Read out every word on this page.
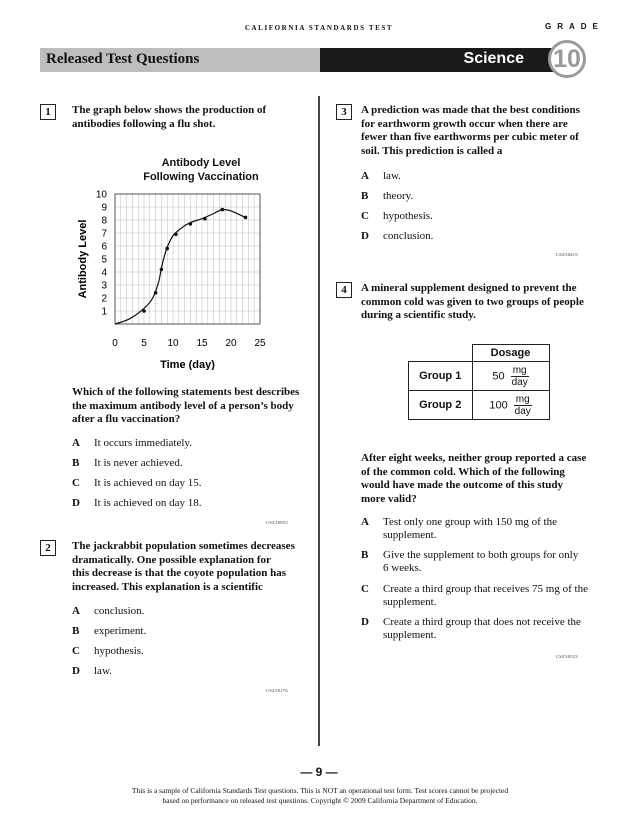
CALIFORNIA STANDARDS TEST	GRADE
Released Test Questions	Science 10
1	The graph below shows the production of
antibodies following a flu shot.
Antibody Level
Following Vaccination
1
2
3
4
5
6
7
8
9
10
0 5 10 15 20 25
Time (day)
Antibody Level
Which of the following statements best describes
the maximum antibody level of a person’s body
after a flu vaccination?
A It occurs immediately.
B It is never achieved.
C It is achieved on day 15.
D It is achieved on day 18.
CSZ10053
2	The jackrabbit population sometimes decreases
dramatically. One possible explanation for
this decrease is that the coyote population has
increased. This explanation is a scientific
A conclusion.
B experiment.
C hypothesis.
D law.
CSZ30176
3	A prediction was made that the best conditions
for earthworm growth occur when there are
fewer than five earthworms per cubic meter of
soil. This prediction is called a
A law.
B theory.
C hypothesis.
D conclusion.
CSZ30419
4	A mineral supplement designed to prevent the
common cold was given to two groups of people
during a scientific study.
	Dosage
Group 1	$50 \frac{mg}{\text{day}}$

Group 2	$100 \frac{mg}{\text{day}}$
After eight weeks, neither group reported a case
of the common cold. Which of the following
would have made the outcome of this study
more valid?
A Test only one group with 150 mg of the
supplement.
B Give the supplement to both groups for only
6 weeks.
C Create a third group that receives 75 mg of the
supplement.
D Create a third group that does not receive the
supplement.
CSZ30523
— 9 —
This is a sample of California Standards Test questions. This is NOT an operational test form. Test scores cannot be projected
based on performance on released test questions. Copyright © 2009 California Department of Education.
